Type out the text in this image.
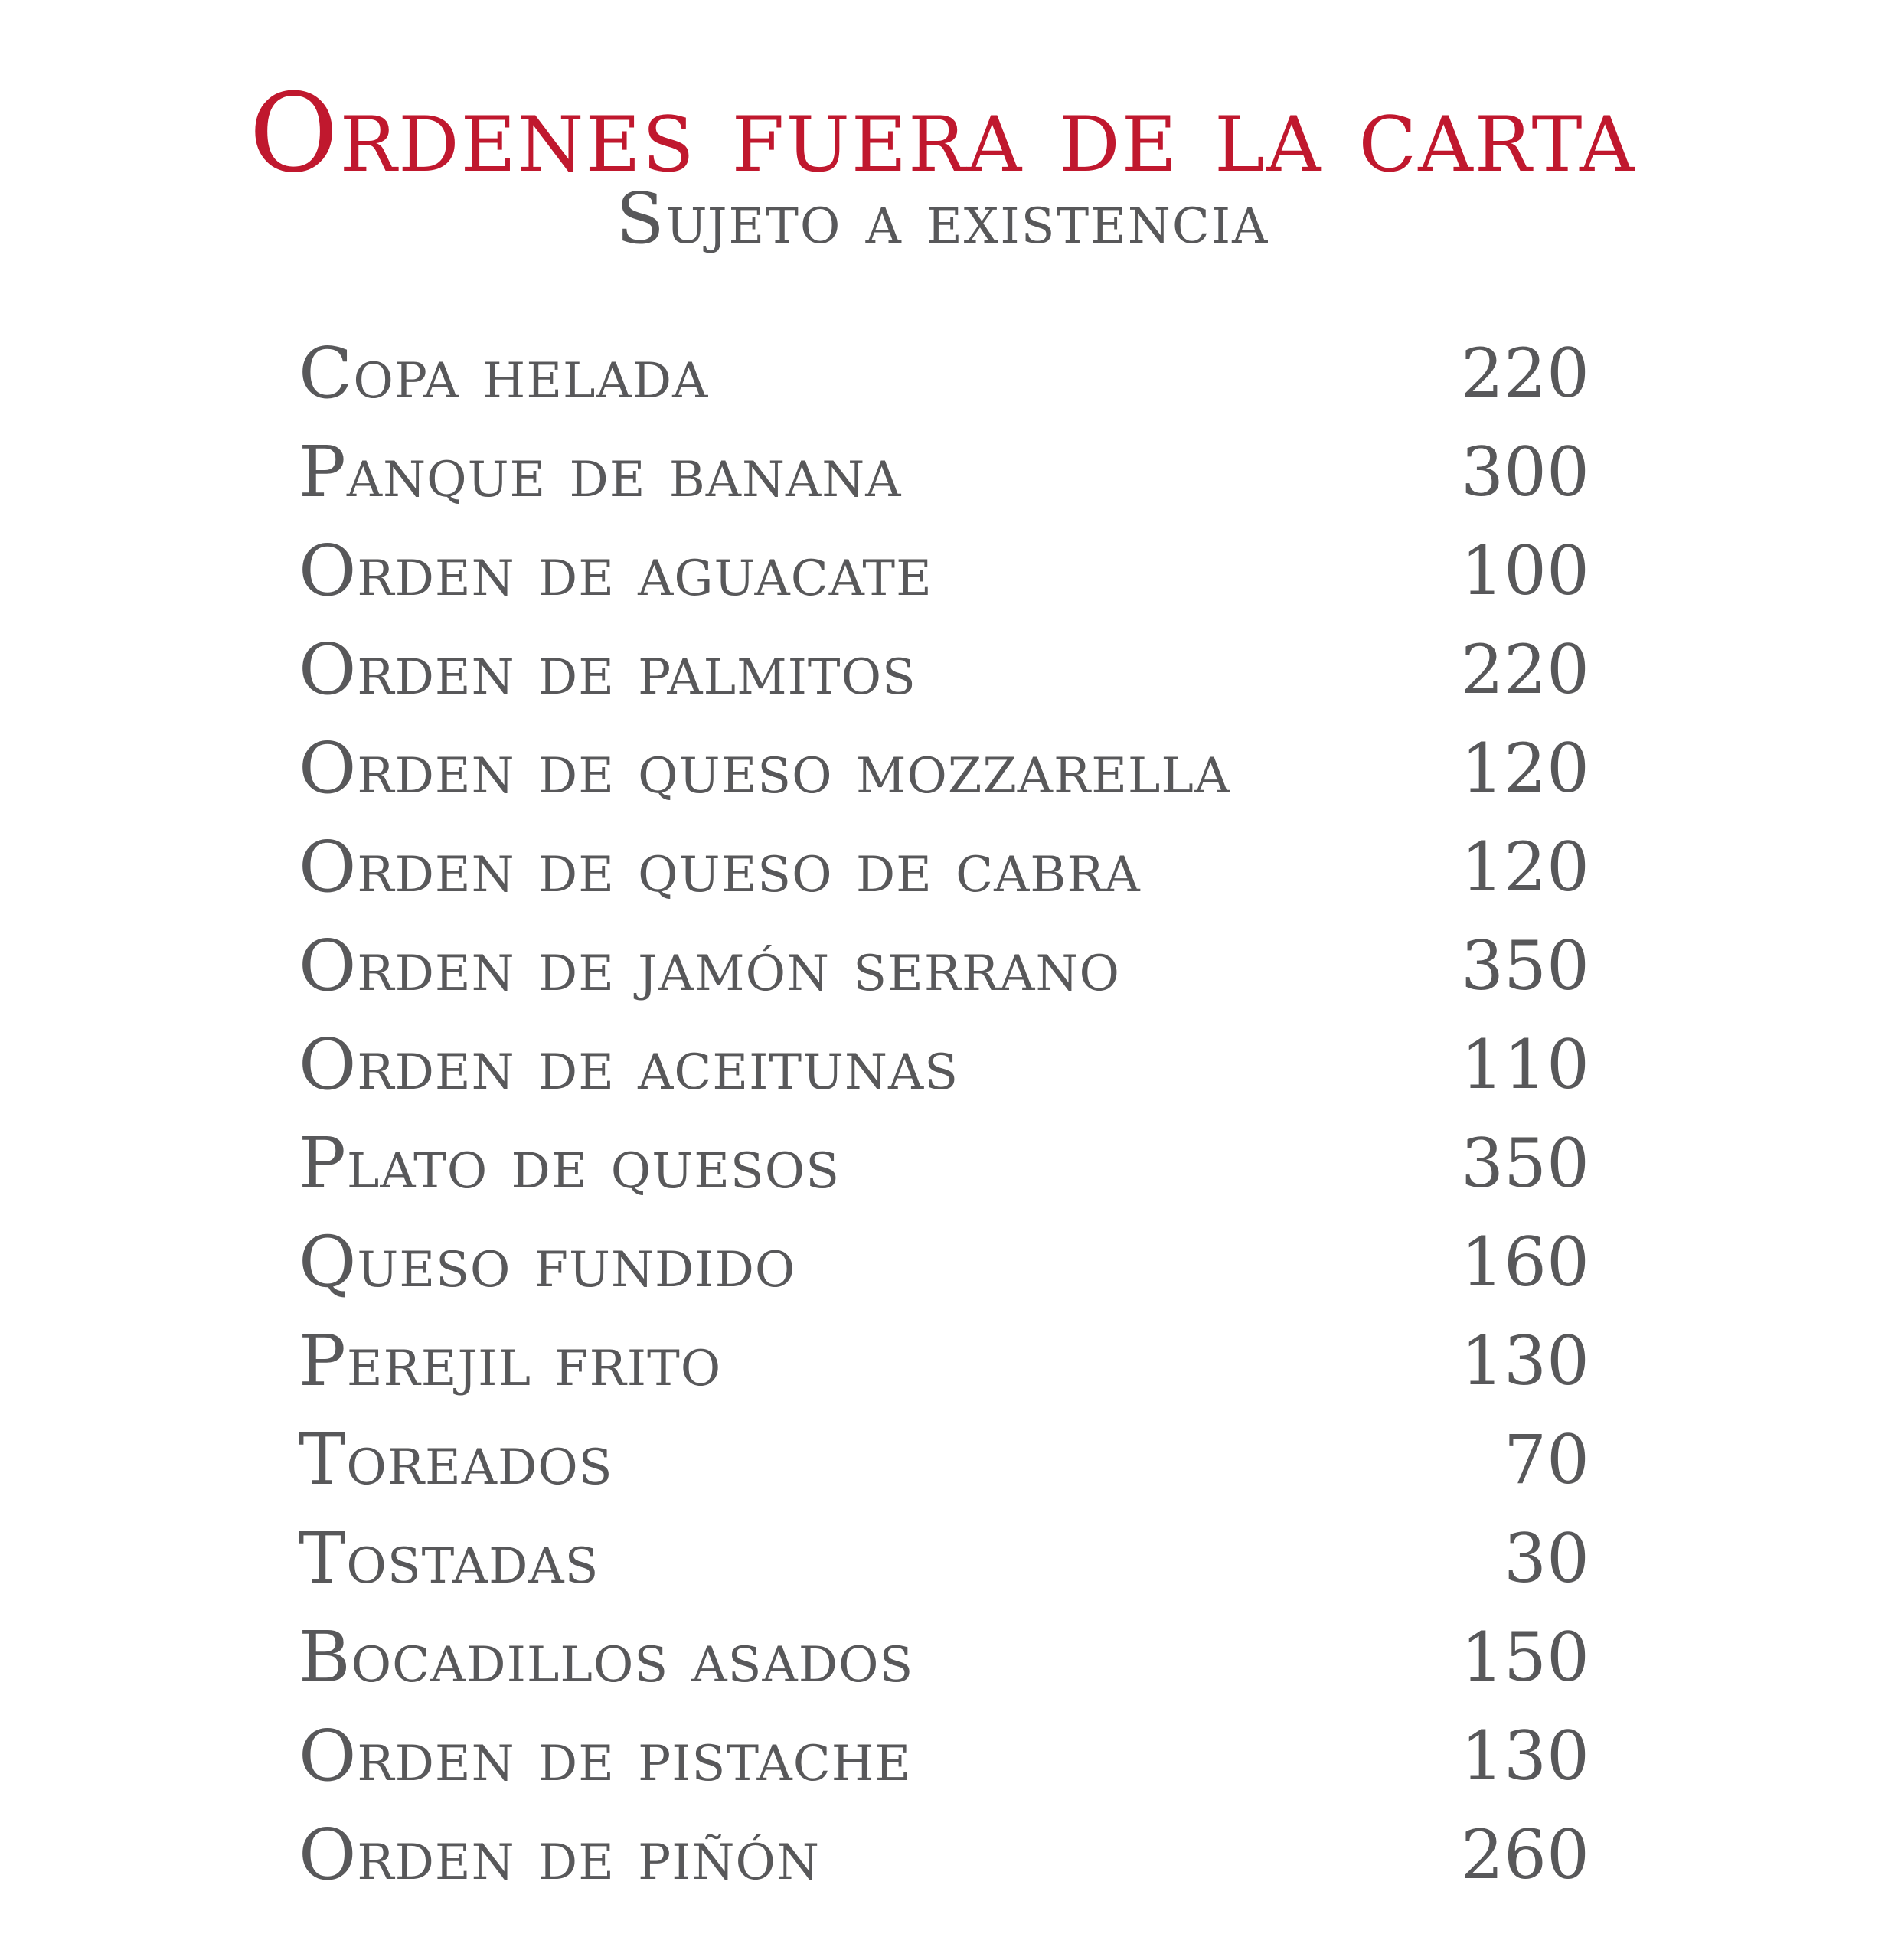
Ordenes fuera de la carta
Sujeto a existencia
Copa helada	220
Panque de banana	300
Orden de aguacate	100
Orden de palmitos	220
Orden de queso mozzarella	120
Orden de queso de cabra	120
Orden de jamón serrano	350
Orden de aceitunas	110
Plato de quesos	350
Queso fundido	160
Perejil frito	130
Toreados	70
Tostadas	30
Bocadillos asados	150
Orden de pistache	130
Orden de piñón	260
